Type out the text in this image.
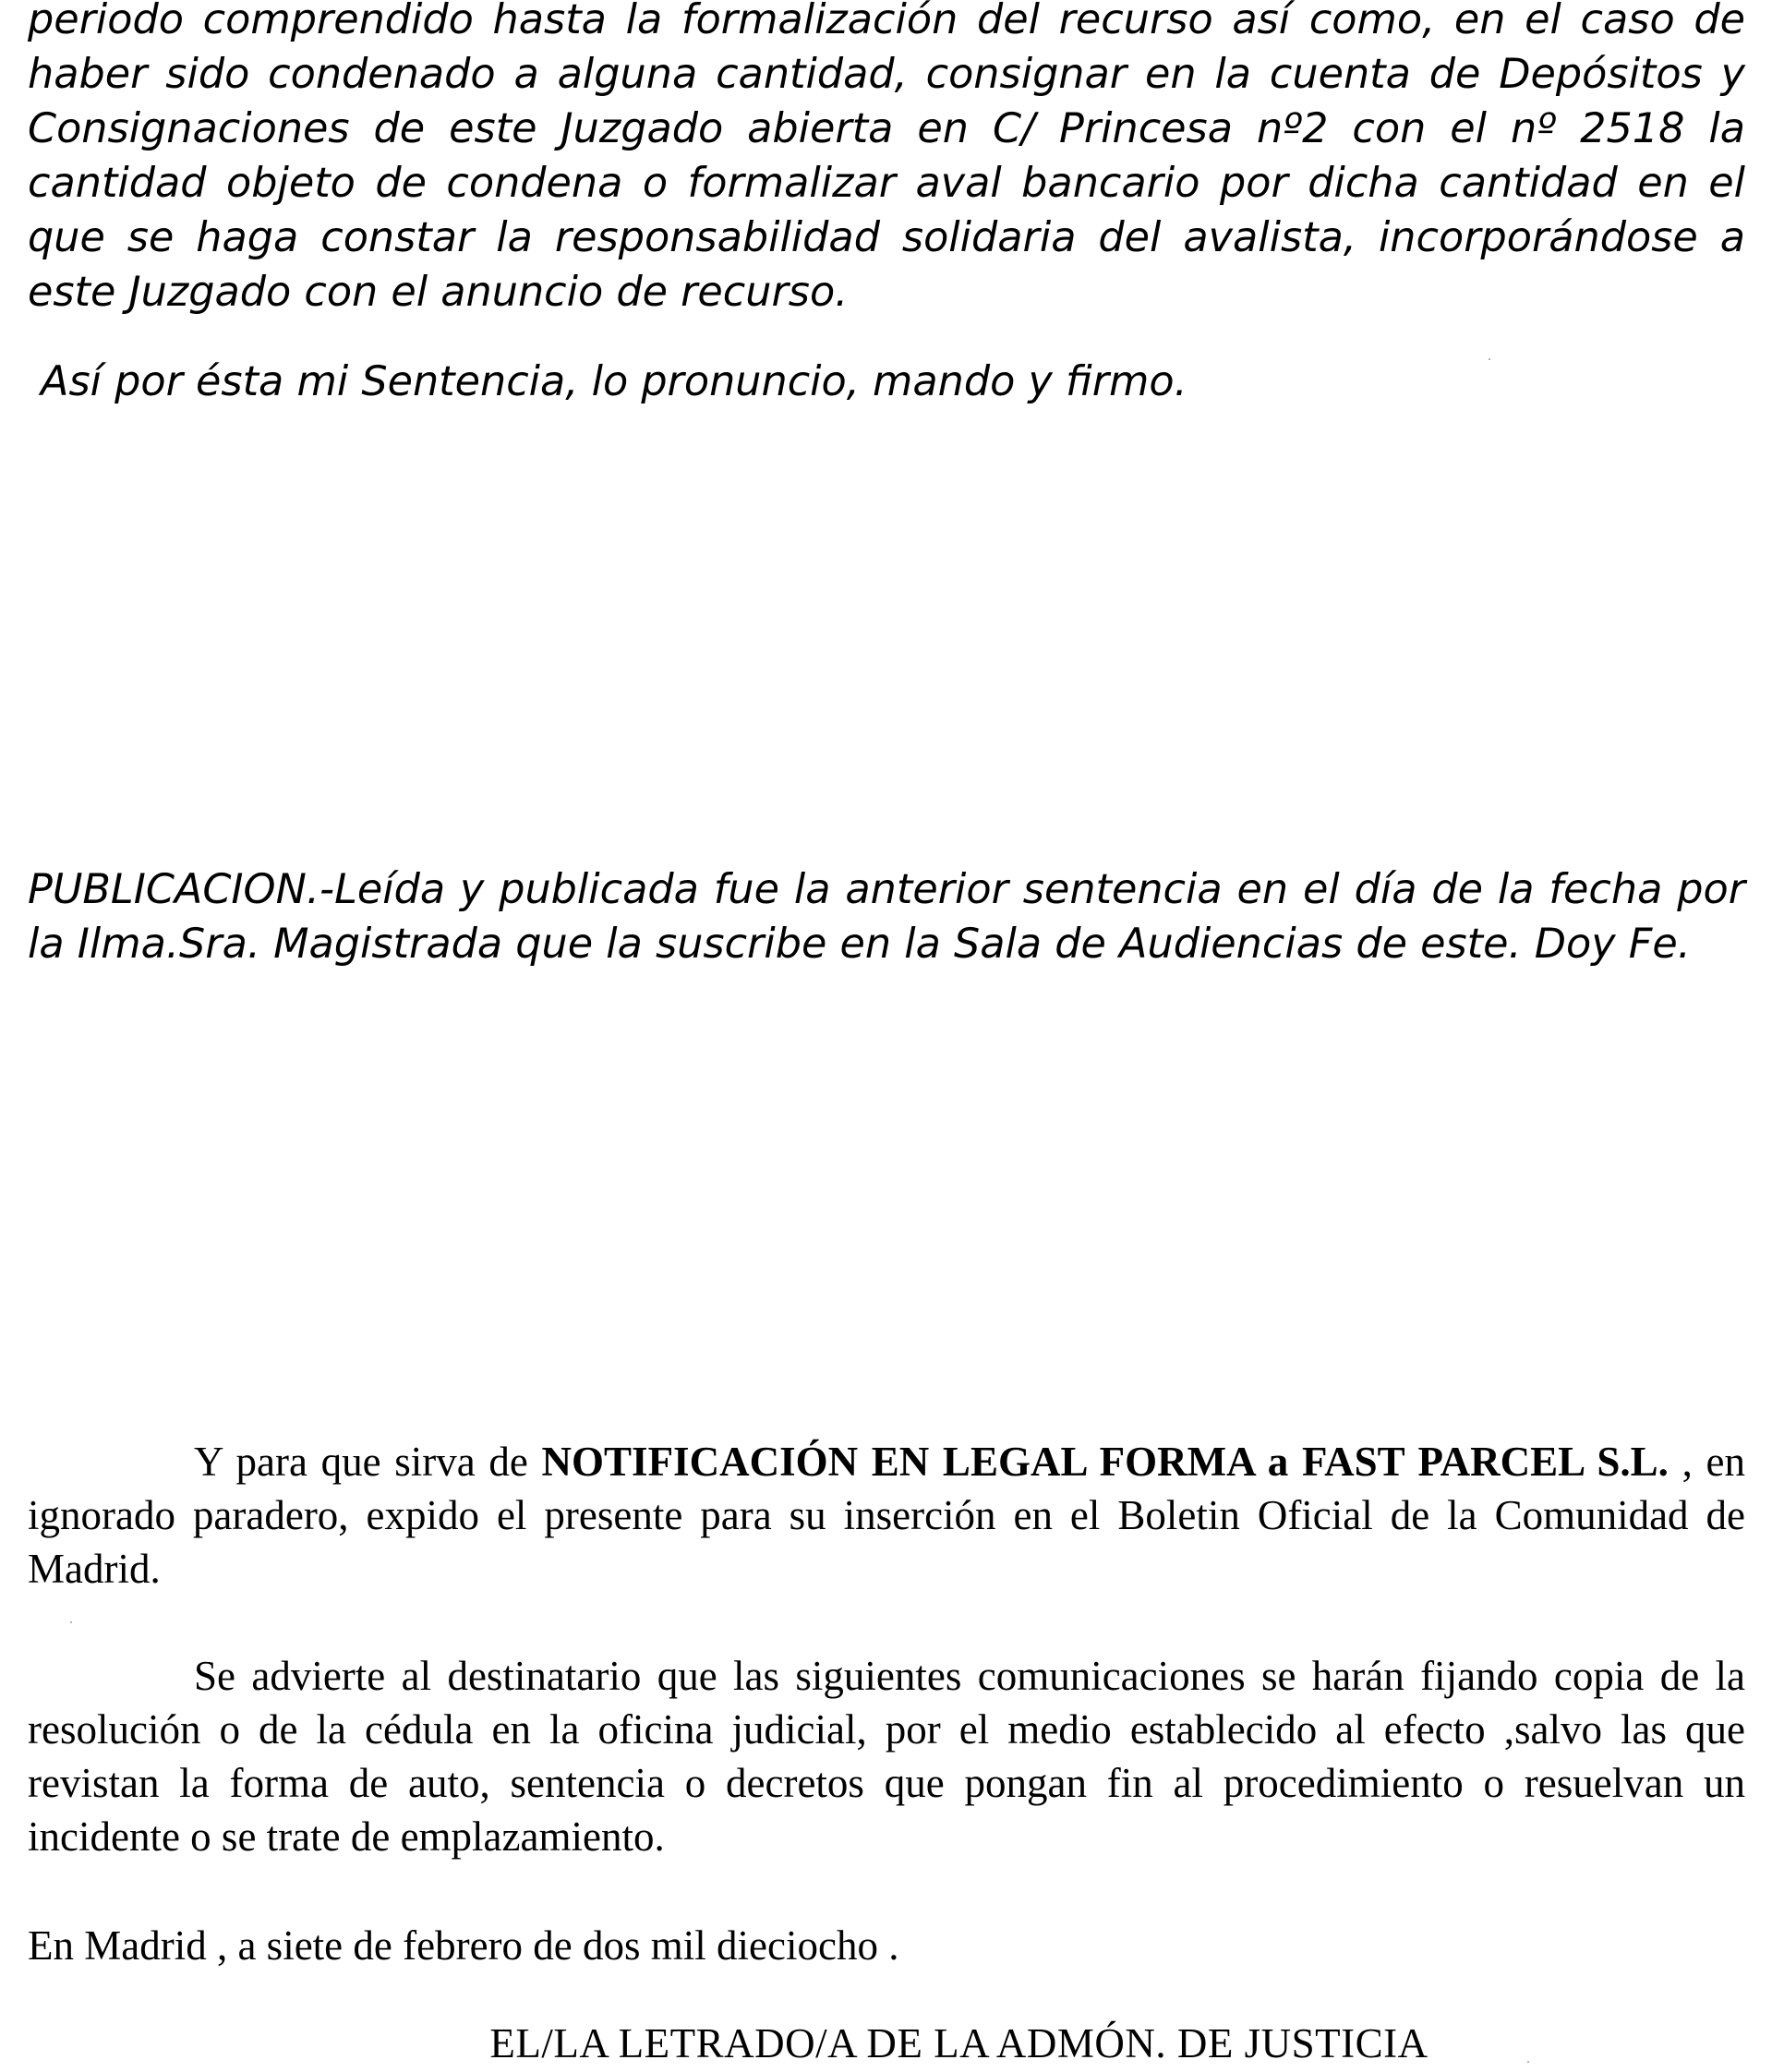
periodo comprendido hasta la formalización del recurso así como, en el caso de haber sido condenado a alguna cantidad, consignar en la cuenta de Depósitos y Consignaciones de este Juzgado abierta en C/ Princesa nº2 con el nº 2518 la cantidad objeto de condena o formalizar aval bancario por dicha cantidad en el que se haga constar la responsabilidad solidaria del avalista, incorporándose a este Juzgado con el anuncio de recurso.

Así por ésta mi Sentencia, lo pronuncio, mando y firmo.

PUBLICACION.-Leída y publicada fue la anterior sentencia en el día de la fecha por la Ilma.Sra. Magistrada que la suscribe en la Sala de Audiencias de este. Doy Fe.

Y para que sirva de NOTIFICACIÓN EN LEGAL FORMA a FAST PARCEL S.L. , en ignorado paradero, expido el presente para su inserción en el Boletin Oficial de la Comunidad de Madrid.

Se advierte al destinatario que las siguientes comunicaciones se harán fijando copia de la resolución o de la cédula en la oficina judicial, por el medio establecido al efecto ,salvo las que revistan la forma de auto, sentencia o decretos que pongan fin al procedimiento o resuelvan un incidente o se trate de emplazamiento.

En Madrid , a siete de febrero de dos mil dieciocho .

EL/LA LETRADO/A DE LA ADMÓN. DE JUSTICIA
